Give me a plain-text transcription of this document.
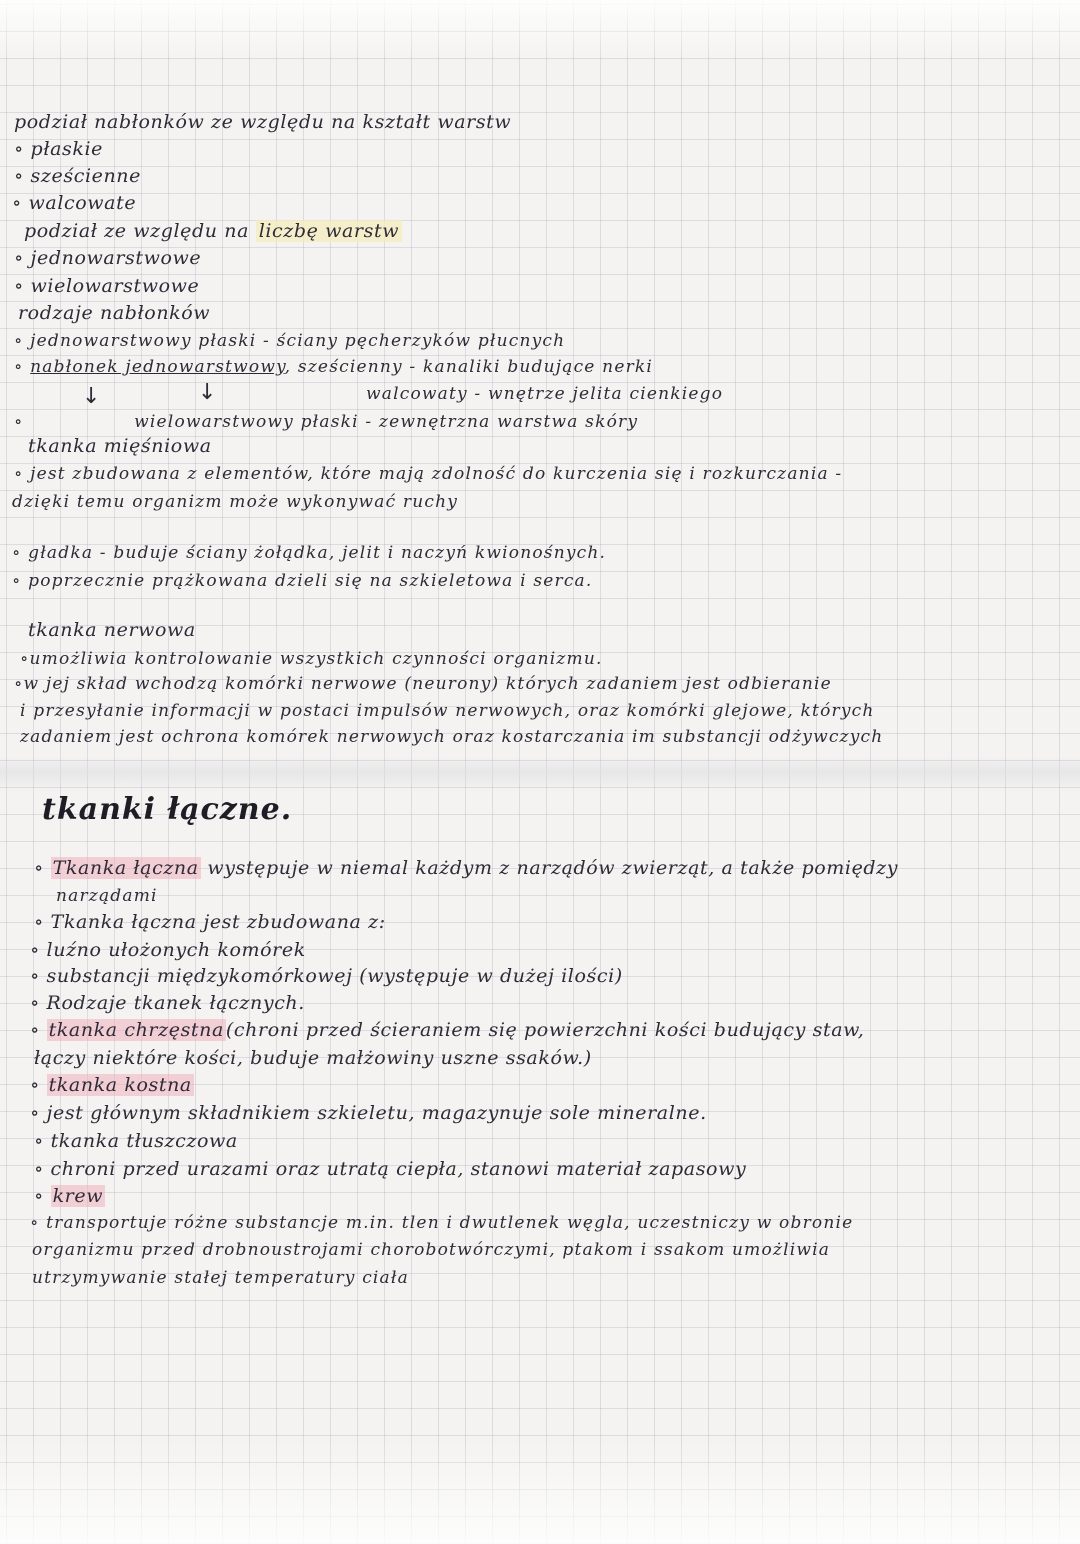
podział nabłonków ze względu na kształt warstw
∘ płaskie
∘ sześcienne
∘ walcowate
podział ze względu na liczbę warstw
∘ jednowarstwowe
∘ wielowarstwowe
rodzaje nabłonków
∘ jednowarstwowy płaski - ściany pęcherzyków płucnych
∘ nabłonek jednowarstwowy, sześcienny - kanaliki budujące nerki
walcowaty - wnętrze jelita cienkiego
↓	↓
∘	wielowarstwowy płaski - zewnętrzna warstwa skóry
tkanka mięśniowa
∘ jest zbudowana z elementów, które mają zdolność do kurczenia się i rozkurczania -
dzięki temu organizm może wykonywać ruchy
∘ gładka - buduje ściany żołądka, jelit i naczyń kwionośnych.
∘ poprzecznie prążkowana dzieli się na szkieletowa i serca.
tkanka nerwowa
∘umożliwia kontrolowanie wszystkich czynności organizmu.
∘w jej skład wchodzą komórki nerwowe (neurony) których zadaniem jest odbieranie
i przesyłanie informacji w postaci impulsów nerwowych, oraz komórki glejowe, których
zadaniem jest ochrona komórek nerwowych oraz kostarczania im substancji odżywczych
tkanki łączne.
∘ Tkanka łączna występuje w niemal każdym z narządów zwierząt, a także pomiędzy
narządami
∘ Tkanka łączna jest zbudowana z:
∘ luźno ułożonych komórek
∘ substancji międzykomórkowej (występuje w dużej ilości)
∘ Rodzaje tkanek łącznych.
∘ tkanka chrzęstna (chroni przed ścieraniem się powierzchni kości budujący staw,
łączy niektóre kości, buduje małżowiny uszne ssaków.)
∘ tkanka kostna
∘ jest głównym składnikiem szkieletu, magazynuje sole mineralne.
∘ tkanka tłuszczowa
∘ chroni przed urazami oraz utratą ciepła, stanowi materiał zapasowy
∘ krew
∘ transportuje różne substancje m.in. tlen i dwutlenek węgla, uczestniczy w obronie
organizmu przed drobnoustrojami chorobotwórczymi, ptakom i ssakom umożliwia
utrzymywanie stałej temperatury ciała
